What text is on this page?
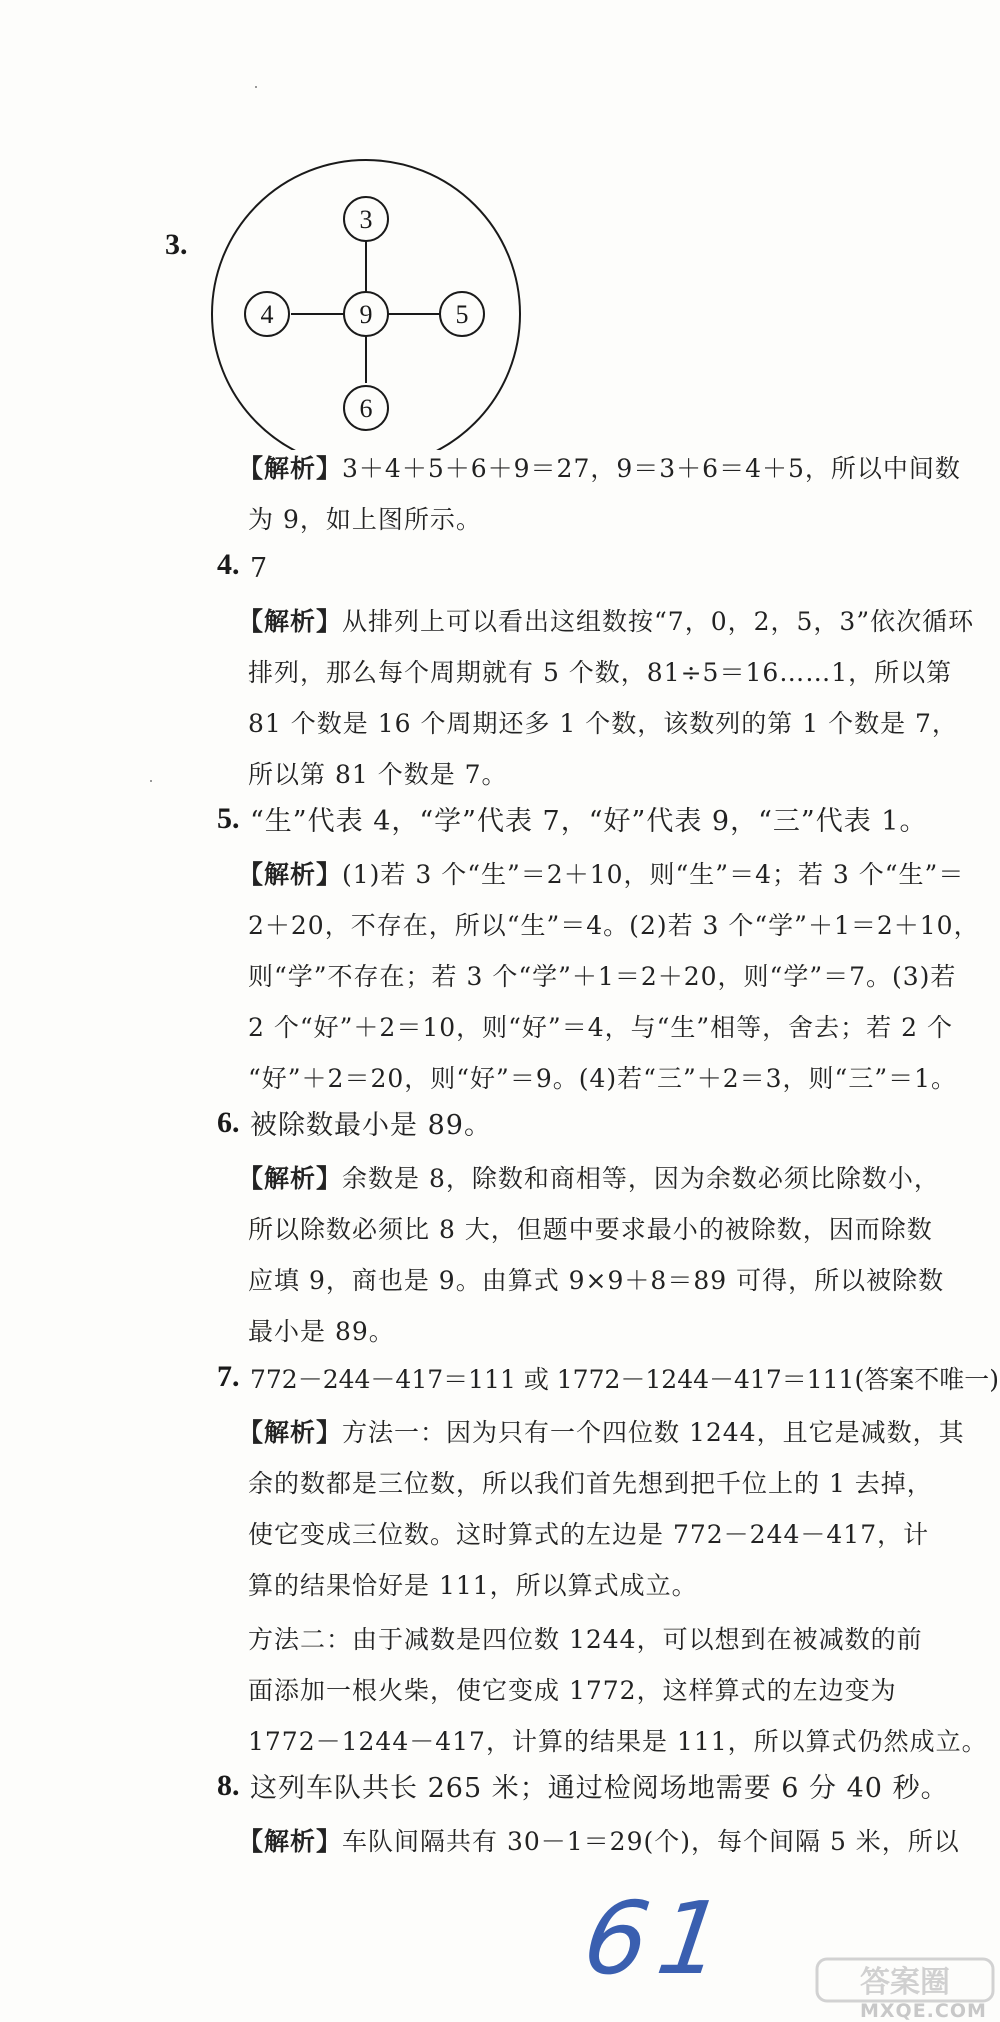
3.
3
4	9	5
6
【解析】3＋4＋5＋6＋9＝27，9＝3＋6＝4＋5，所以中间数
为 9，如上图所示。
4. 7
【解析】从排列上可以看出这组数按“7，0，2，5，3”依次循环
排列，那么每个周期就有 5 个数，81÷5＝16……1，所以第
81 个数是 16 个周期还多 1 个数，该数列的第 1 个数是 7，
所以第 81 个数是 7。
5. “生”代表 4，“学”代表 7，“好”代表 9，“三”代表 1。
【解析】(1)若 3 个“生”＝2＋10，则“生”＝4；若 3 个“生”＝
2＋20，不存在，所以“生”＝4。(2)若 3 个“学”＋1＝2＋10，
则“学”不存在；若 3 个“学”＋1＝2＋20，则“学”＝7。(3)若
2 个“好”＋2＝10，则“好”＝4，与“生”相等，舍去；若 2 个
“好”＋2＝20，则“好”＝9。(4)若“三”＋2＝3，则“三”＝1。
6. 被除数最小是 89。
【解析】余数是 8，除数和商相等，因为余数必须比除数小，
所以除数必须比 8 大，但题中要求最小的被除数，因而除数
应填 9，商也是 9。由算式 9×9＋8＝89 可得，所以被除数
最小是 89。
7. 772－244－417＝111 或 1772－1244－417＝111(答案不唯一)
【解析】方法一：因为只有一个四位数 1244，且它是减数，其
余的数都是三位数，所以我们首先想到把千位上的 1 去掉，
使它变成三位数。这时算式的左边是 772－244－417，计
算的结果恰好是 111，所以算式成立。
方法二：由于减数是四位数 1244，可以想到在被减数的前
面添加一根火柴，使它变成 1772，这样算式的左边变为
1772－1244－417，计算的结果是 111，所以算式仍然成立。
8. 这列车队共长 265 米；通过检阅场地需要 6 分 40 秒。
【解析】车队间隔共有 30－1＝29(个)，每个间隔 5 米，所以
61	答案圈
MXQE.COM
